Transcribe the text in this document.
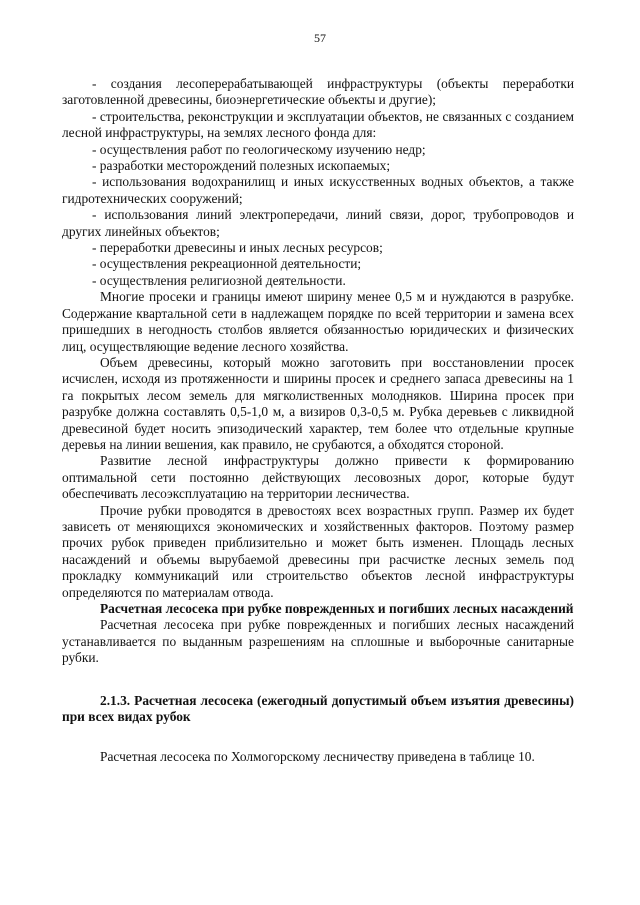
57

- создания лесоперерабатывающей инфраструктуры (объекты переработки заготовленной древесины, биоэнергетические объекты и другие);

- строительства, реконструкции и эксплуатации объектов, не связанных с созданием лесной инфраструктуры, на землях лесного фонда для:

- осуществления работ по геологическому изучению недр;

- разработки месторождений полезных ископаемых;

- использования водохранилищ и иных искусственных водных объектов, а также гидротехнических сооружений;

- использования линий электропередачи, линий связи, дорог, трубопроводов и других линейных объектов;

- переработки древесины и иных лесных ресурсов;

- осуществления рекреационной деятельности;

- осуществления религиозной деятельности.

Многие просеки и границы имеют ширину менее 0,5 м и нуждаются в разрубке. Содержание квартальной сети в надлежащем порядке по всей территории и замена всех пришедших в негодность столбов является обязанностью юридических и физических лиц, осуществляющие ведение лесного хозяйства.

Объем древесины, который можно заготовить при восстановлении просек исчислен, исходя из протяженности и ширины просек и среднего запаса древесины на 1 га покрытых лесом земель для мягколиственных молодняков. Ширина просек при разрубке должна составлять 0,5-1,0 м, а визиров 0,3-0,5 м. Рубка деревьев с ликвидной древесиной будет носить эпизодический характер, тем более что отдельные крупные деревья на линии вешения, как правило, не срубаются, а обходятся стороной.

Развитие лесной инфраструктуры должно привести к формированию оптимальной сети постоянно действующих лесовозных дорог, которые будут обеспечивать лесоэксплуатацию на территории лесничества.

Прочие рубки проводятся в древостоях всех возрастных групп. Размер их будет зависеть от меняющихся экономических и хозяйственных факторов. Поэтому размер прочих рубок приведен приблизительно и может быть изменен. Площадь лесных насаждений и объемы вырубаемой древесины при расчистке лесных земель под прокладку коммуникаций или строительство объектов лесной инфраструктуры определяются по материалам отвода.

Расчетная лесосека при рубке поврежденных и погибших лесных насаждений

Расчетная лесосека при рубке поврежденных и погибших лесных насаждений устанавливается по выданным разрешениям на сплошные и выборочные санитарные рубки.

2.1.3. Расчетная лесосека (ежегодный допустимый объем изъятия древесины) при всех видах рубок

Расчетная лесосека по Холмогорскому лесничеству приведена в таблице 10.
